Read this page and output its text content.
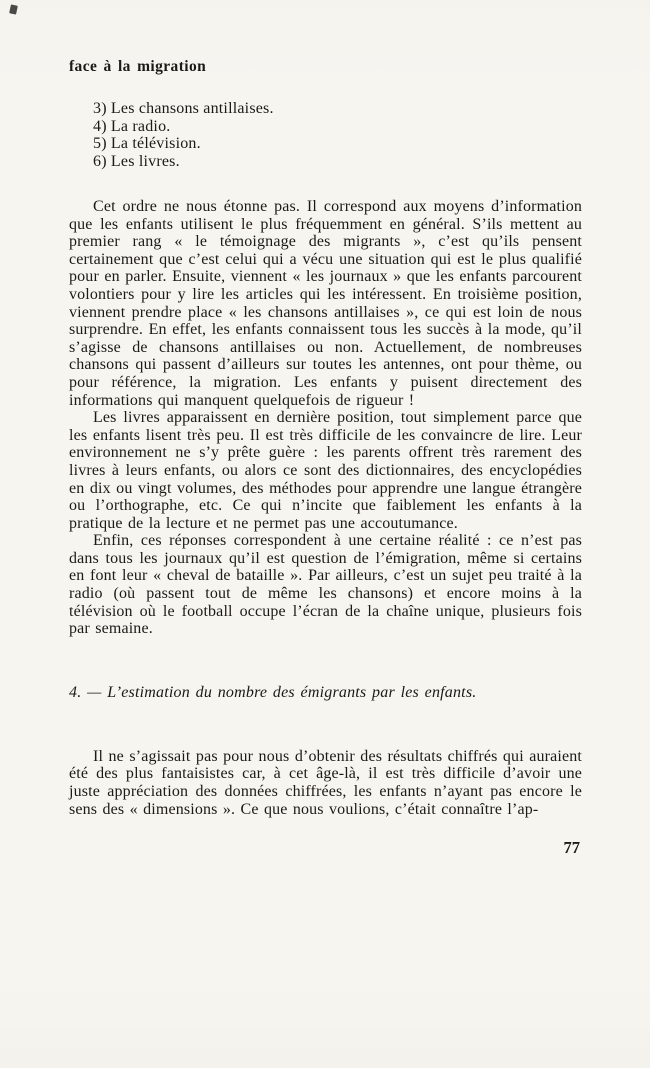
face à la migration
3) Les chansons antillaises.
4) La radio.
5) La télévision.
6) Les livres.

Cet ordre ne nous étonne pas. Il correspond aux moyens d’information que les enfants utilisent le plus fréquemment en général. S’ils mettent au premier rang « le témoignage des migrants », c’est qu’ils pensent certainement que c’est celui qui a vécu une situation qui est le plus qualifié pour en parler. Ensuite, viennent « les journaux » que les enfants parcourent volontiers pour y lire les articles qui les intéressent. En troisième position, viennent prendre place « les chansons antillaises », ce qui est loin de nous surprendre. En effet, les enfants connaissent tous les succès à la mode, qu’il s’agisse de chansons antillaises ou non. Actuellement, de nombreuses chansons qui passent d’ailleurs sur toutes les antennes, ont pour thème, ou pour référence, la migration. Les enfants y puisent directement des informations qui manquent quelquefois de rigueur !

Les livres apparaissent en dernière position, tout simplement parce que les enfants lisent très peu. Il est très difficile de les convaincre de lire. Leur environnement ne s’y prête guère : les parents offrent très rarement des livres à leurs enfants, ou alors ce sont des dictionnaires, des encyclopédies en dix ou vingt volumes, des méthodes pour apprendre une langue étrangère ou l’orthographe, etc. Ce qui n’incite que faiblement les enfants à la pratique de la lecture et ne permet pas une accoutumance.

Enfin, ces réponses correspondent à une certaine réalité : ce n’est pas dans tous les journaux qu’il est question de l’émigration, même si certains en font leur « cheval de bataille ». Par ailleurs, c’est un sujet peu traité à la radio (où passent tout de même les chansons) et encore moins à la télévision où le football occupe l’écran de la chaîne unique, plusieurs fois par semaine.

4. — L’estimation du nombre des émigrants par les enfants.

Il ne s’agissait pas pour nous d’obtenir des résultats chiffrés qui auraient été des plus fantaisistes car, à cet âge-là, il est très difficile d’avoir une juste appréciation des données chiffrées, les enfants n’ayant pas encore le sens des « dimensions ». Ce que nous voulions, c’était connaître l’ap-

77
